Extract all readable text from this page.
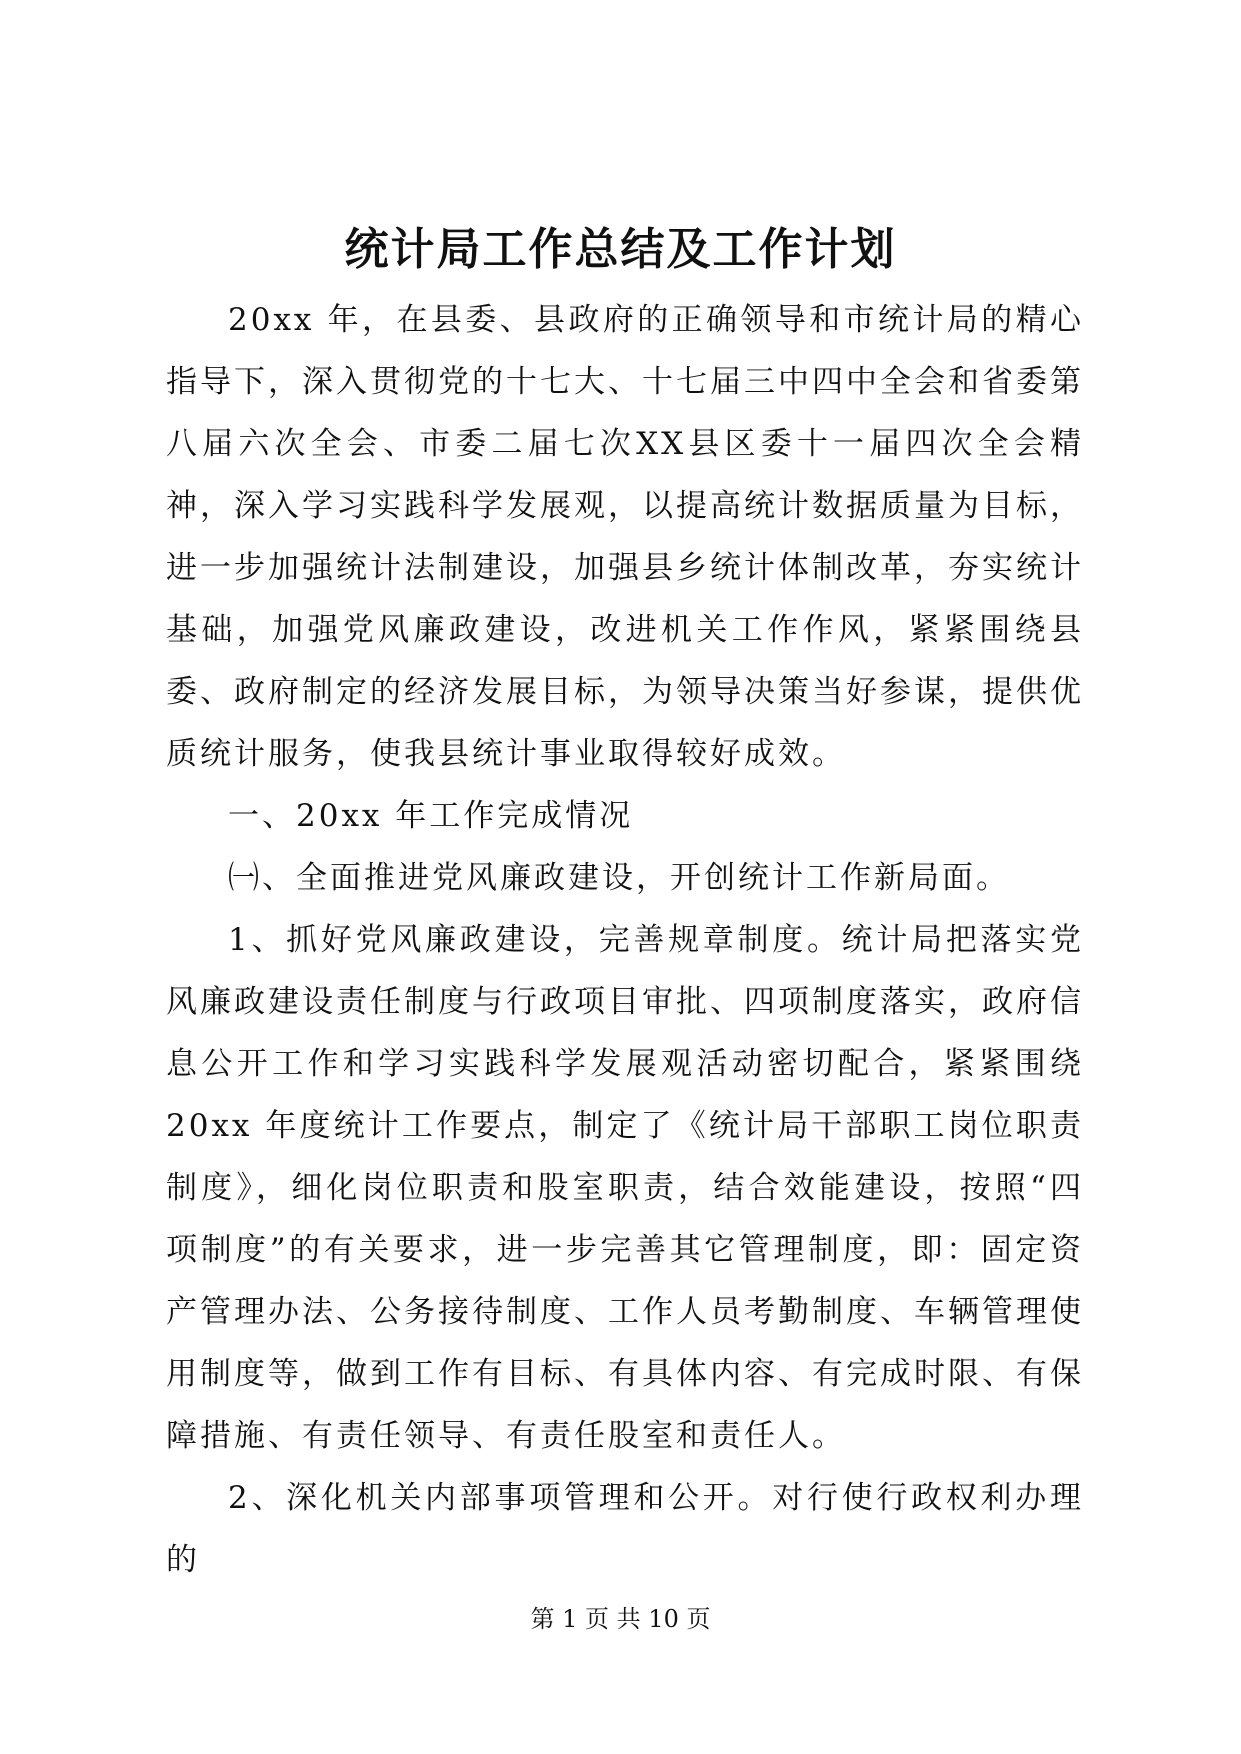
统计局工作总结及工作计划

20xx 年，在县委、县政府的正确领导和市统计局的精心指导下，深入贯彻党的十七大、十七届三中四中全会和省委第八届六次全会、市委二届七次XX县区委十一届四次全会精神，深入学习实践科学发展观，以提高统计数据质量为目标，进一步加强统计法制建设，加强县乡统计体制改革，夯实统计基础，加强党风廉政建设，改进机关工作作风，紧紧围绕县委、政府制定的经济发展目标，为领导决策当好参谋，提供优质统计服务，使我县统计事业取得较好成效。

一、20xx 年工作完成情况

㈠、全面推进党风廉政建设，开创统计工作新局面。

1、抓好党风廉政建设，完善规章制度。统计局把落实党风廉政建设责任制度与行政项目审批、四项制度落实，政府信息公开工作和学习实践科学发展观活动密切配合，紧紧围绕 20xx 年度统计工作要点，制定了《统计局干部职工岗位职责制度》，细化岗位职责和股室职责，结合效能建设，按照“四项制度”的有关要求，进一步完善其它管理制度，即：固定资产管理办法、公务接待制度、工作人员考勤制度、车辆管理使用制度等，做到工作有目标、有具体内容、有完成时限、有保障措施、有责任领导、有责任股室和责任人。

2、深化机关内部事项管理和公开。对行使行政权利办理的

第 1 页 共 10 页
